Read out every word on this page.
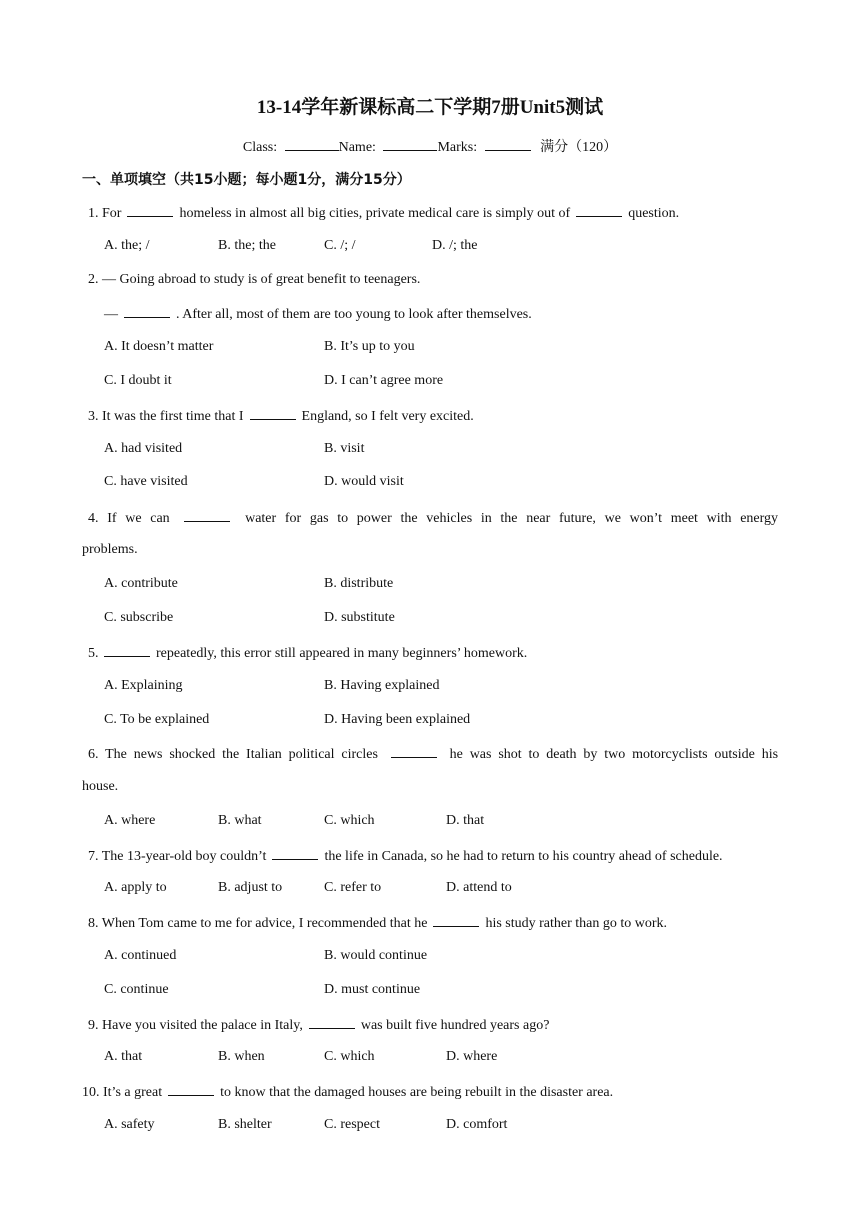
13-14学年新课标高二下学期7册Unit5测试
Class:	Name:	Marks:	满分（120）
一、单项填空（共15小题；每小题1分，满分15分）
1. For	homeless in almost all big cities, private medical care is simply out of	question.
A. the; /	B. the; the	C. /; /	D. /; the
2. — Going abroad to study is of great benefit to teenagers.
—	. After all, most of them are too young to look after themselves.
A. It doesn’t matter	B. It’s up to you
C. I doubt it	D. I can’t agree more
3. It was the first time that I	England, so I felt very excited.
A. had visited	B. visit
C. have visited	D. would visit
4. If we can	water for gas to power the vehicles in the near future, we won’t meet with energy
problems.
A. contribute	B. distribute
C. subscribe	D. substitute
5.	repeatedly, this error still appeared in many beginners’ homework.
A. Explaining	B. Having explained
C. To be explained	D. Having been explained
6. The news shocked the Italian political circles	he was shot to death by two motorcyclists outside his
house.
A. where	B. what	C. which	D. that
7. The 13-year-old boy couldn’t	the life in Canada, so he had to return to his country ahead of schedule.
A. apply to	B. adjust to	C. refer to	D. attend to
8. When Tom came to me for advice, I recommended that he	his study rather than go to work.
A. continued	B. would continue
C. continue	D. must continue
9. Have you visited the palace in Italy,	was built five hundred years ago?
A. that	B. when	C. which	D. where
10. It’s a great	to know that the damaged houses are being rebuilt in the disaster area.
A. safety	B. shelter	C. respect	D. comfort
